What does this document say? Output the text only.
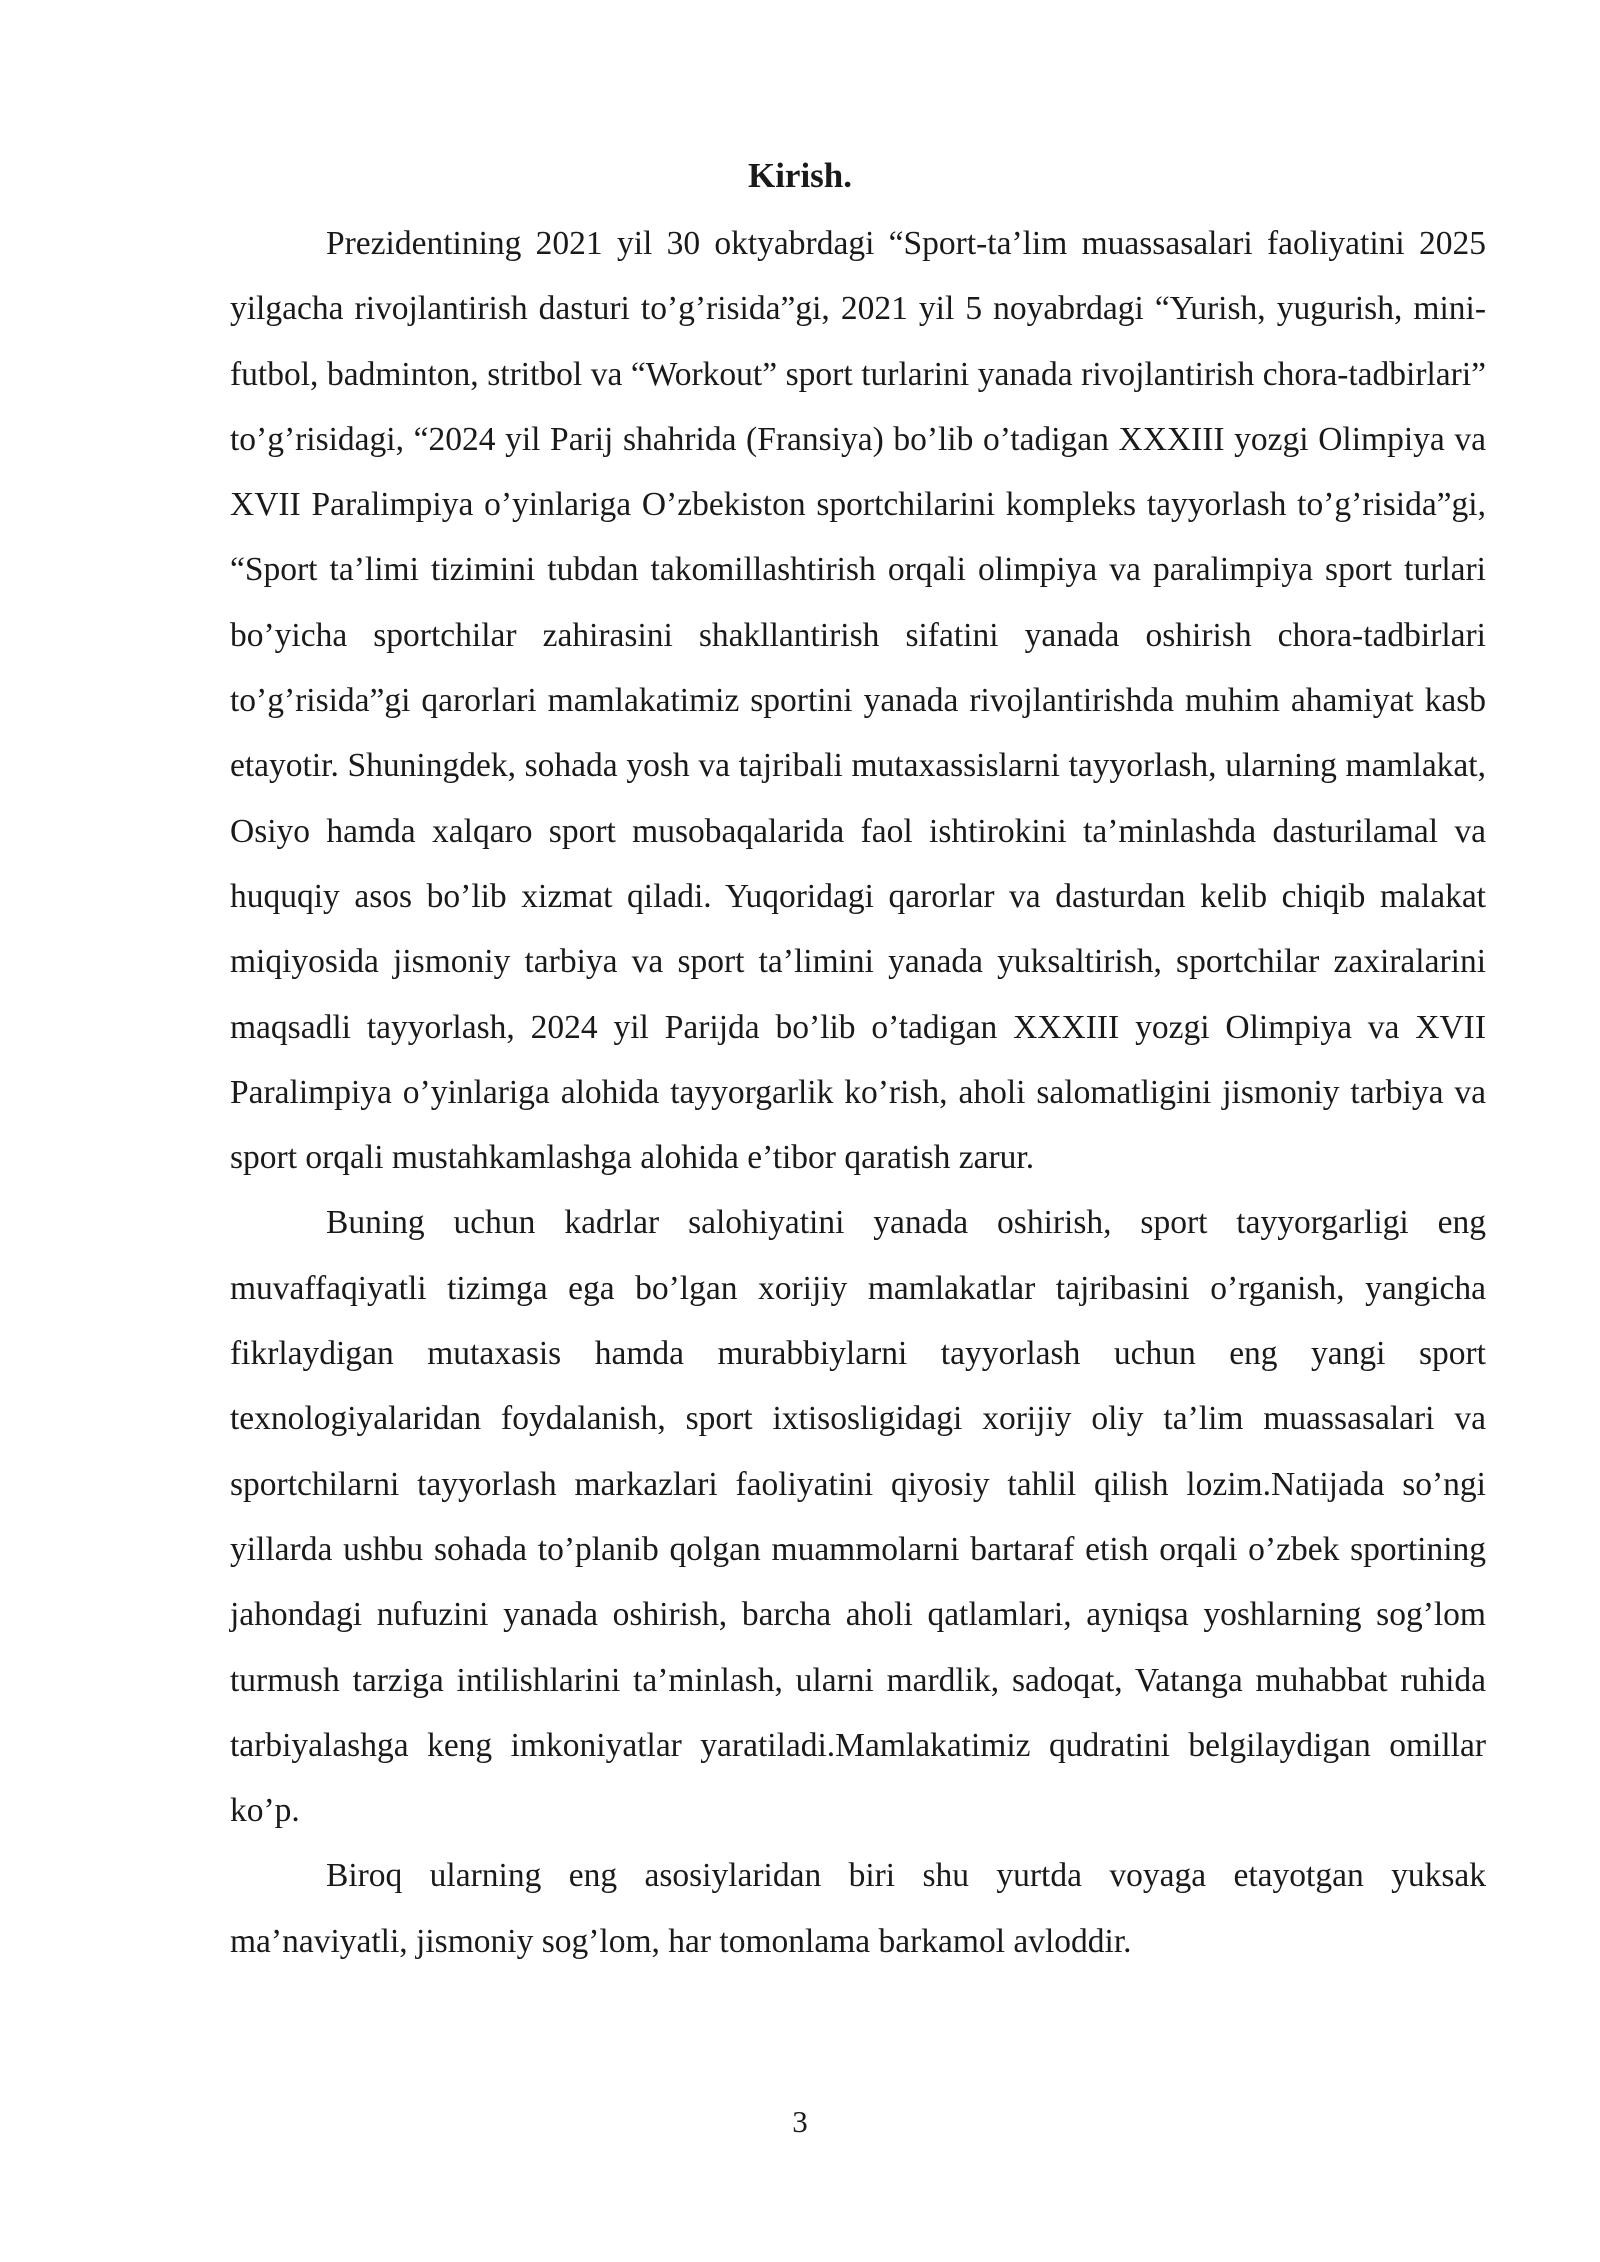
Kirish.

Prezidentining 2021 yil 30 oktyabrdagi “Sport-ta’lim muassasalari faoliyatini 2025 yilgacha rivojlantirish dasturi to’g’risida”gi, 2021 yil 5 noyabrdagi “Yurish, yugurish, mini-futbol, badminton, stritbol va “Workout” sport turlarini yanada rivojlantirish chora-tadbirlari” to’g’risidagi, “2024 yil Parij shahrida (Fransiya) bo’lib o’tadigan XXXIII yozgi Olimpiya va XVII Paralimpiya o’yinlariga O’zbekiston sportchilarini kompleks tayyorlash to’g’risida”gi, “Sport ta’limi tizimini tubdan takomillashtirish orqali olimpiya va paralimpiya sport turlari bo’yicha sportchilar zahirasini shakllantirish sifatini yanada oshirish chora-tadbirlari to’g’risida”gi qarorlari mamlakatimiz sportini yanada rivojlantirishda muhim ahamiyat kasb etayotir. Shuningdek, sohada yosh va tajribali mutaxassislarni tayyorlash, ularning mamlakat, Osiyo hamda xalqaro sport musobaqalarida faol ishtirokini ta’minlashda dasturilamal va huquqiy asos bo’lib xizmat qiladi. Yuqoridagi qarorlar va dasturdan kelib chiqib malakat miqiyosida jismoniy tarbiya va sport ta’limini yanada yuksaltirish, sportchilar zaxiralarini maqsadli tayyorlash, 2024 yil Parijda bo’lib o’tadigan XXXIII yozgi Olimpiya va XVII Paralimpiya o’yinlariga alohida tayyorgarlik ko’rish, aholi salomatligini jismoniy tarbiya va sport orqali mustahkamlashga alohida e’tibor qaratish zarur.

Buning uchun kadrlar salohiyatini yanada oshirish, sport tayyorgarligi eng muvaffaqiyatli tizimga ega bo’lgan xorijiy mamlakatlar tajribasini o’rganish, yangicha fikrlaydigan mutaxasis hamda murabbiylarni tayyorlash uchun eng yangi sport texnologiyalaridan foydalanish, sport ixtisosligidagi xorijiy oliy ta’lim muassasalari va sportchilarni tayyorlash markazlari faoliyatini qiyosiy tahlil qilish lozim.Natijada so’ngi yillarda ushbu sohada to’planib qolgan muammolarni bartaraf etish orqali o’zbek sportining jahondagi nufuzini yanada oshirish, barcha aholi qatlamlari, ayniqsa yoshlarning sog’lom turmush tarziga intilishlarini ta’minlash, ularni mardlik, sadoqat, Vatanga muhabbat ruhida tarbiyalashga keng imkoniyatlar yaratiladi.Mamlakatimiz qudratini belgilaydigan omillar ko’p.

Biroq ularning eng asosiylaridan biri shu yurtda voyaga etayotgan yuksak ma’naviyatli, jismoniy sog’lom, har tomonlama barkamol avloddir.

3
